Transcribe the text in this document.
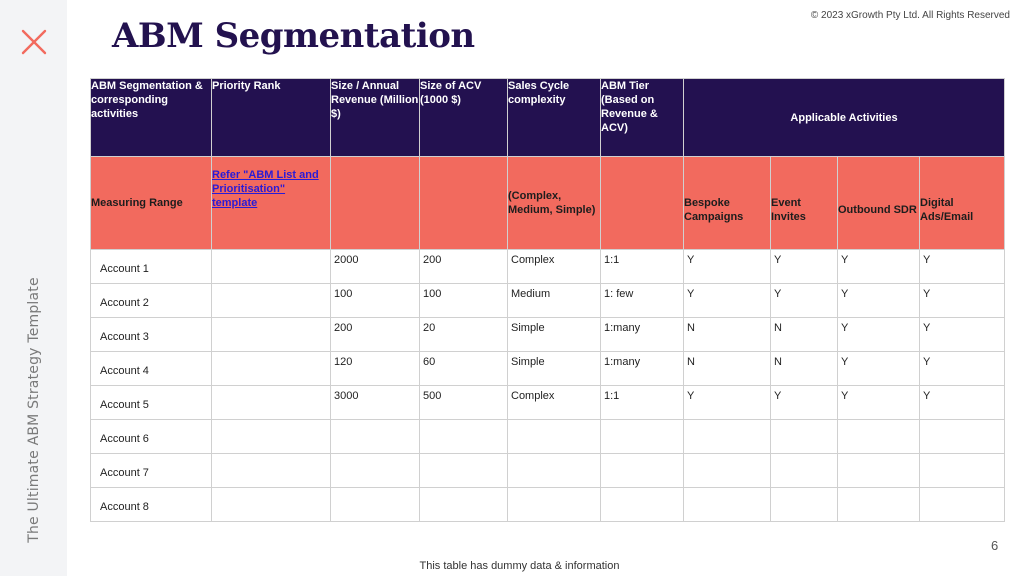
The Ultimate ABM Strategy Template
ABM Segmentation
© 2023 xGrowth Pty Ltd. All Rights Reserved
ABM Segmentation & corresponding activities	Priority Rank	Size / Annual Revenue (Million $)	Size of ACV (1000 $)	Sales Cycle complexity	ABM Tier (Based on Revenue & ACV)	Applicable Activities			
Measuring Range	Refer "ABM List and Prioritisation" template			(Complex, Medium, Simple)		Bespoke Campaigns	Event Invites	Outbound SDR	Digital Ads/Email
Account 1		2000	200	Complex	1:1	Y	Y	Y	Y
Account 2		100	100	Medium	1: few	Y	Y	Y	Y
Account 3		200	20	Simple	1:many	N	N	Y	Y
Account 4		120	60	Simple	1:many	N	N	Y	Y
Account 5		3000	500	Complex	1:1	Y	Y	Y	Y
Account 6									
Account 7									
Account 8									
6
This table has dummy data & information
